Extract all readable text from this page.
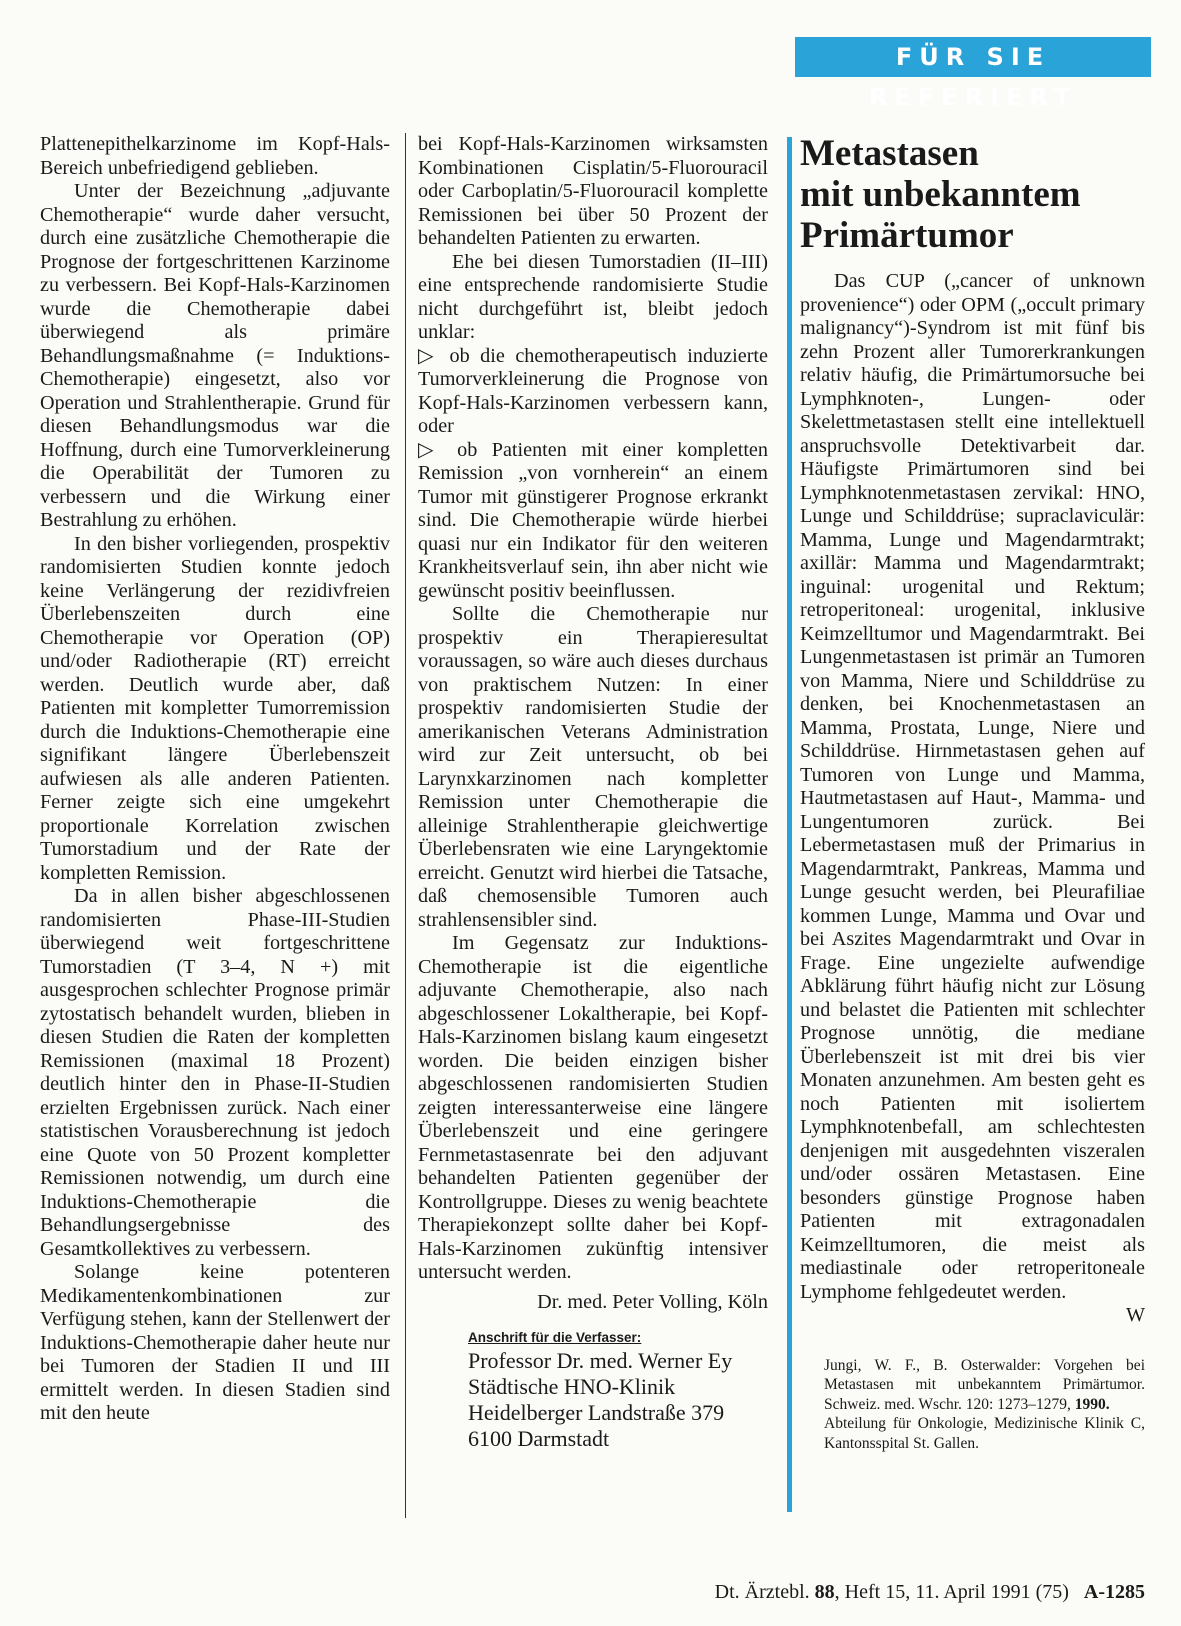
FÜR SIE REFERIERT

Plattenepithelkarzinome im Kopf-Hals-Bereich unbefriedigend geblieben.

Unter der Bezeichnung „adjuvante Chemotherapie“ wurde daher versucht, durch eine zusätzliche Chemotherapie die Prognose der fortgeschrittenen Karzinome zu verbessern. Bei Kopf-Hals-Karzinomen wurde die Chemotherapie dabei überwiegend als primäre Behandlungsmaßnahme (= Induktions-Chemotherapie) eingesetzt, also vor Operation und Strahlentherapie. Grund für diesen Behandlungsmodus war die Hoffnung, durch eine Tumorverkleinerung die Operabilität der Tumoren zu verbessern und die Wirkung einer Bestrahlung zu erhöhen.

In den bisher vorliegenden, prospektiv randomisierten Studien konnte jedoch keine Verlängerung der rezidivfreien Überlebenszeiten durch eine Chemotherapie vor Operation (OP) und/oder Radiotherapie (RT) erreicht werden. Deutlich wurde aber, daß Patienten mit kompletter Tumorremission durch die Induktions-Chemotherapie eine signifikant längere Überlebenszeit aufwiesen als alle anderen Patienten. Ferner zeigte sich eine umgekehrt proportionale Korrelation zwischen Tumorstadium und der Rate der kompletten Remission.

Da in allen bisher abgeschlossenen randomisierten Phase-III-Studien überwiegend weit fortgeschrittene Tumorstadien (T 3–4, N +) mit ausgesprochen schlechter Prognose primär zytostatisch behandelt wurden, blieben in diesen Studien die Raten der kompletten Remissionen (maximal 18 Prozent) deutlich hinter den in Phase-II-Studien erzielten Ergebnissen zurück. Nach einer statistischen Vorausberechnung ist jedoch eine Quote von 50 Prozent kompletter Remissionen notwendig, um durch eine Induktions-Chemotherapie die Behandlungsergebnisse des Gesamtkollektives zu verbessern.

Solange keine potenteren Medikamentenkombinationen zur Verfügung stehen, kann der Stellenwert der Induktions-Chemotherapie daher heute nur bei Tumoren der Stadien II und III ermittelt werden. In diesen Stadien sind mit den heute

bei Kopf-Hals-Karzinomen wirksamsten Kombinationen Cisplatin/5-Fluorouracil oder Carboplatin/5-Fluorouracil komplette Remissionen bei über 50 Prozent der behandelten Patienten zu erwarten.

Ehe bei diesen Tumorstadien (II–III) eine entsprechende randomisierte Studie nicht durchgeführt ist, bleibt jedoch unklar:

▷ ob die chemotherapeutisch induzierte Tumorverkleinerung die Prognose von Kopf-Hals-Karzinomen verbessern kann, oder

▷ ob Patienten mit einer kompletten Remission „von vornherein“ an einem Tumor mit günstigerer Prognose erkrankt sind. Die Chemotherapie würde hierbei quasi nur ein Indikator für den weiteren Krankheitsverlauf sein, ihn aber nicht wie gewünscht positiv beeinflussen.

Sollte die Chemotherapie nur prospektiv ein Therapieresultat voraussagen, so wäre auch dieses durchaus von praktischem Nutzen: In einer prospektiv randomisierten Studie der amerikanischen Veterans Administration wird zur Zeit untersucht, ob bei Larynxkarzinomen nach kompletter Remission unter Chemotherapie die alleinige Strahlentherapie gleichwertige Überlebensraten wie eine Laryngektomie erreicht. Genutzt wird hierbei die Tatsache, daß chemosensible Tumoren auch strahlensensibler sind.

Im Gegensatz zur Induktions-Chemotherapie ist die eigentliche adjuvante Chemotherapie, also nach abgeschlossener Lokaltherapie, bei Kopf-Hals-Karzinomen bislang kaum eingesetzt worden. Die beiden einzigen bisher abgeschlossenen randomisierten Studien zeigten interessanterweise eine längere Überlebenszeit und eine geringere Fernmetastasenrate bei den adjuvant behandelten Patienten gegenüber der Kontrollgruppe. Dieses zu wenig beachtete Therapiekonzept sollte daher bei Kopf-Hals-Karzinomen zukünftig intensiver untersucht werden.

Dr. med. Peter Volling, Köln

Anschrift für die Verfasser:
Professor Dr. med. Werner Ey
Städtische HNO-Klinik
Heidelberger Landstraße 379
6100 Darmstadt
Metastasen
mit unbekanntem
Primärtumor

Das CUP („cancer of unknown provenience“) oder OPM („occult primary malignancy“)-Syndrom ist mit fünf bis zehn Prozent aller Tumorerkrankungen relativ häufig, die Primärtumorsuche bei Lymphknoten-, Lungen- oder Skelettmetastasen stellt eine intellektuell anspruchsvolle Detektivarbeit dar. Häufigste Primärtumoren sind bei Lymphknotenmetastasen zervikal: HNO, Lunge und Schilddrüse; supraclaviculär: Mamma, Lunge und Magendarmtrakt; axillär: Mamma und Magendarmtrakt; inguinal: urogenital und Rektum; retroperitoneal: urogenital, inklusive Keimzelltumor und Magendarmtrakt. Bei Lungenmetastasen ist primär an Tumoren von Mamma, Niere und Schilddrüse zu denken, bei Knochenmetastasen an Mamma, Prostata, Lunge, Niere und Schilddrüse. Hirnmetastasen gehen auf Tumoren von Lunge und Mamma, Hautmetastasen auf Haut-, Mamma- und Lungentumoren zurück. Bei Lebermetastasen muß der Primarius in Magendarmtrakt, Pankreas, Mamma und Lunge gesucht werden, bei Pleurafiliae kommen Lunge, Mamma und Ovar und bei Aszites Magendarmtrakt und Ovar in Frage. Eine ungezielte aufwendige Abklärung führt häufig nicht zur Lösung und belastet die Patienten mit schlechter Prognose unnötig, die mediane Überlebenszeit ist mit drei bis vier Monaten anzunehmen. Am besten geht es noch Patienten mit isoliertem Lymphknotenbefall, am schlechtesten denjenigen mit ausgedehnten viszeralen und/oder ossären Metastasen. Eine besonders günstige Prognose haben Patienten mit extragonadalen Keimzelltumoren, die meist als mediastinale oder retroperitoneale Lymphome fehlgedeutet werden.

W

Jungi, W. F., B. Osterwalder: Vorgehen bei Metastasen mit unbekanntem Primärtumor. Schweiz. med. Wschr. 120: 1273–1279, 1990.

Abteilung für Onkologie, Medizinische Klinik C, Kantonsspital St. Gallen.

Dt. Ärztebl. 88, Heft 15, 11. April 1991 (75) A-1285
